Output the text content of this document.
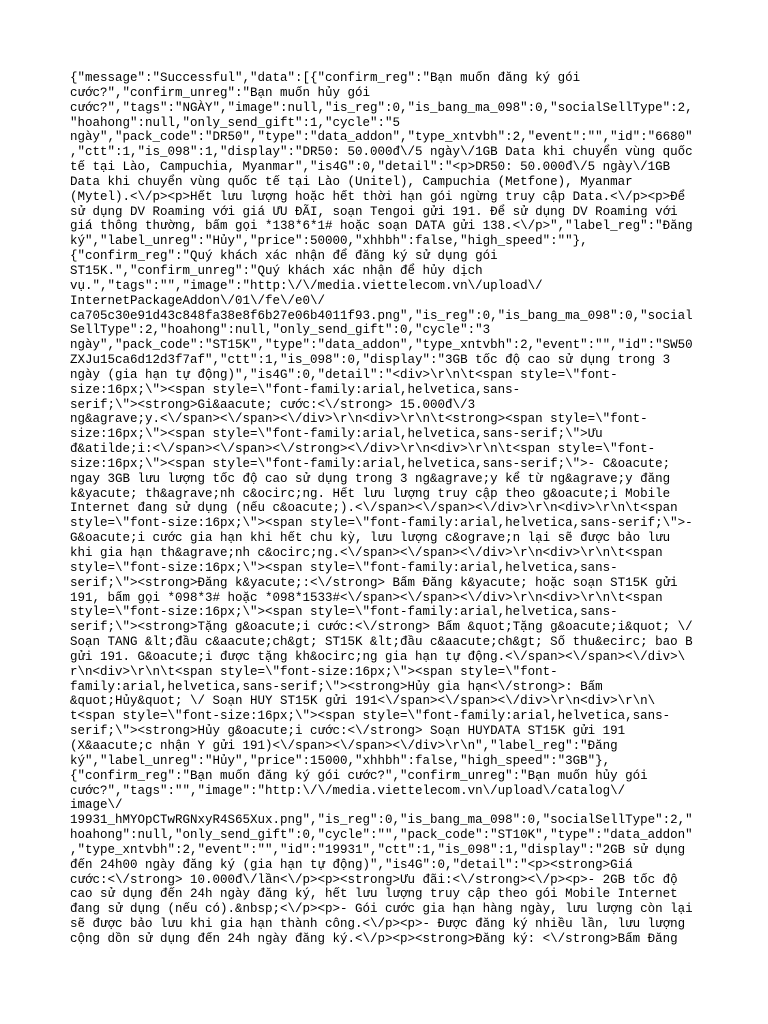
{"message":"Successful","data":[{"confirm_reg":"Bạn muốn đăng ký gói
cước?","confirm_unreg":"Bạn muốn hủy gói
cước?","tags":"NGÀY","image":null,"is_reg":0,"is_bang_ma_098":0,"socialSellType":2,
"hoahong":null,"only_send_gift":1,"cycle":"5
ngày","pack_code":"DR50","type":"data_addon","type_xntvbh":2,"event":"","id":"6680"
,"ctt":1,"is_098":1,"display":"DR50: 50.000đ\/5 ngày\/1GB Data khi chuyển vùng quốc
tế tại Lào, Campuchia, Myanmar","is4G":0,"detail":"<p>DR50: 50.000đ\/5 ngày\/1GB
Data khi chuyển vùng quốc tế tại Lào (Unitel), Campuchia (Metfone), Myanmar
(Mytel).<\/p><p>Hết lưu lượng hoặc hết thời hạn gói ngừng truy cập Data.<\/p><p>Để
sử dụng DV Roaming với giá ƯU ĐÃI, soạn Tengoi gửi 191. Để sử dụng DV Roaming với
giá thông thường, bấm gọi *138*6*1# hoặc soạn DATA gửi 138.<\/p>","label_reg":"Đăng
ký","label_unreg":"Hủy","price":50000,"xhhbh":false,"high_speed":""},
{"confirm_reg":"Quý khách xác nhận để đăng ký sử dụng gói
ST15K.","confirm_unreg":"Quý khách xác nhận để hủy dịch
vụ.","tags":"","image":"http:\/\/media.viettelecom.vn\/upload\/
InternetPackageAddon\/01\/fe\/e0\/
ca705c30e91d43c848fa38e8f6b27e06b4011f93.png","is_reg":0,"is_bang_ma_098":0,"social
SellType":2,"hoahong":null,"only_send_gift":0,"cycle":"3
ngày","pack_code":"ST15K","type":"data_addon","type_xntvbh":2,"event":"","id":"SW50
ZXJu15ca6d12d3f7af","ctt":1,"is_098":0,"display":"3GB tốc độ cao sử dụng trong 3
ngày (gia hạn tự động)","is4G":0,"detail":"<div>\r\n\t<span style=\"font-
size:16px;\"><span style=\"font-family:arial,helvetica,sans-
serif;\"><strong>Gi&aacute; cước:<\/strong> 15.000đ\/3
ng&agrave;y.<\/span><\/span><\/div>\r\n<div>\r\n\t<strong><span style=\"font-
size:16px;\"><span style=\"font-family:arial,helvetica,sans-serif;\">Ưu
đ&atilde;i:<\/span><\/span><\/strong><\/div>\r\n<div>\r\n\t<span style=\"font-
size:16px;\"><span style=\"font-family:arial,helvetica,sans-serif;\">- C&oacute;
ngay 3GB lưu lượng tốc độ cao sử dụng trong 3 ng&agrave;y kể từ ng&agrave;y đăng
k&yacute; th&agrave;nh c&ocirc;ng. Hết lưu lượng truy cập theo g&oacute;i Mobile
Internet đang sử dụng (nếu c&oacute;).<\/span><\/span><\/div>\r\n<div>\r\n\t<span
style=\"font-size:16px;\"><span style=\"font-family:arial,helvetica,sans-serif;\">-
G&oacute;i cước gia hạn khi hết chu kỳ, lưu lượng c&ograve;n lại sẽ được bảo lưu
khi gia hạn th&agrave;nh c&ocirc;ng.<\/span><\/span><\/div>\r\n<div>\r\n\t<span
style=\"font-size:16px;\"><span style=\"font-family:arial,helvetica,sans-
serif;\"><strong>Đăng k&yacute;:<\/strong> Bấm Đăng k&yacute; hoặc soạn ST15K gửi
191, bấm gọi *098*3# hoặc *098*1533#<\/span><\/span><\/div>\r\n<div>\r\n\t<span
style=\"font-size:16px;\"><span style=\"font-family:arial,helvetica,sans-
serif;\"><strong>Tặng g&oacute;i cước:<\/strong> Bấm &quot;Tặng g&oacute;i&quot; \/
Soạn TANG &lt;đầu c&aacute;ch&gt; ST15K &lt;đầu c&aacute;ch&gt; Số thu&ecirc; bao B
gửi 191. G&oacute;i được tặng kh&ocirc;ng gia hạn tự động.<\/span><\/span><\/div>\
r\n<div>\r\n\t<span style=\"font-size:16px;\"><span style=\"font-
family:arial,helvetica,sans-serif;\"><strong>Hủy gia hạn<\/strong>: Bấm
&quot;Hủy&quot; \/ Soạn HUY ST15K gửi 191<\/span><\/span><\/div>\r\n<div>\r\n\
t<span style=\"font-size:16px;\"><span style=\"font-family:arial,helvetica,sans-
serif;\"><strong>Hủy g&oacute;i cước:<\/strong> Soạn HUYDATA ST15K gửi 191
(X&aacute;c nhận Y gửi 191)<\/span><\/span><\/div>\r\n","label_reg":"Đăng
ký","label_unreg":"Hủy","price":15000,"xhhbh":false,"high_speed":"3GB"},
{"confirm_reg":"Bạn muốn đăng ký gói cước?","confirm_unreg":"Bạn muốn hủy gói
cước?","tags":"","image":"http:\/\/media.viettelecom.vn\/upload\/catalog\/
image\/
19931_hMYOpCTwRGNxyR4S65Xux.png","is_reg":0,"is_bang_ma_098":0,"socialSellType":2,"
hoahong":null,"only_send_gift":0,"cycle":"","pack_code":"ST10K","type":"data_addon"
,"type_xntvbh":2,"event":"","id":"19931","ctt":1,"is_098":1,"display":"2GB sử dụng
đến 24h00 ngày đăng ký (gia hạn tự động)","is4G":0,"detail":"<p><strong>Giá
cước:<\/strong> 10.000đ\/lần<\/p><p><strong>Ưu đãi:<\/strong><\/p><p>- 2GB tốc độ
cao sử dụng đến 24h ngày đăng ký, hết lưu lượng truy cập theo gói Mobile Internet
đang sử dụng (nếu có).&nbsp;<\/p><p>- Gói cước gia hạn hàng ngày, lưu lượng còn lại
sẽ được bảo lưu khi gia hạn thành công.<\/p><p>- Được đăng ký nhiều lần, lưu lượng
cộng dồn sử dụng đến 24h ngày đăng ký.<\/p><p><strong>Đăng ký: <\/strong>Bấm Đăng
